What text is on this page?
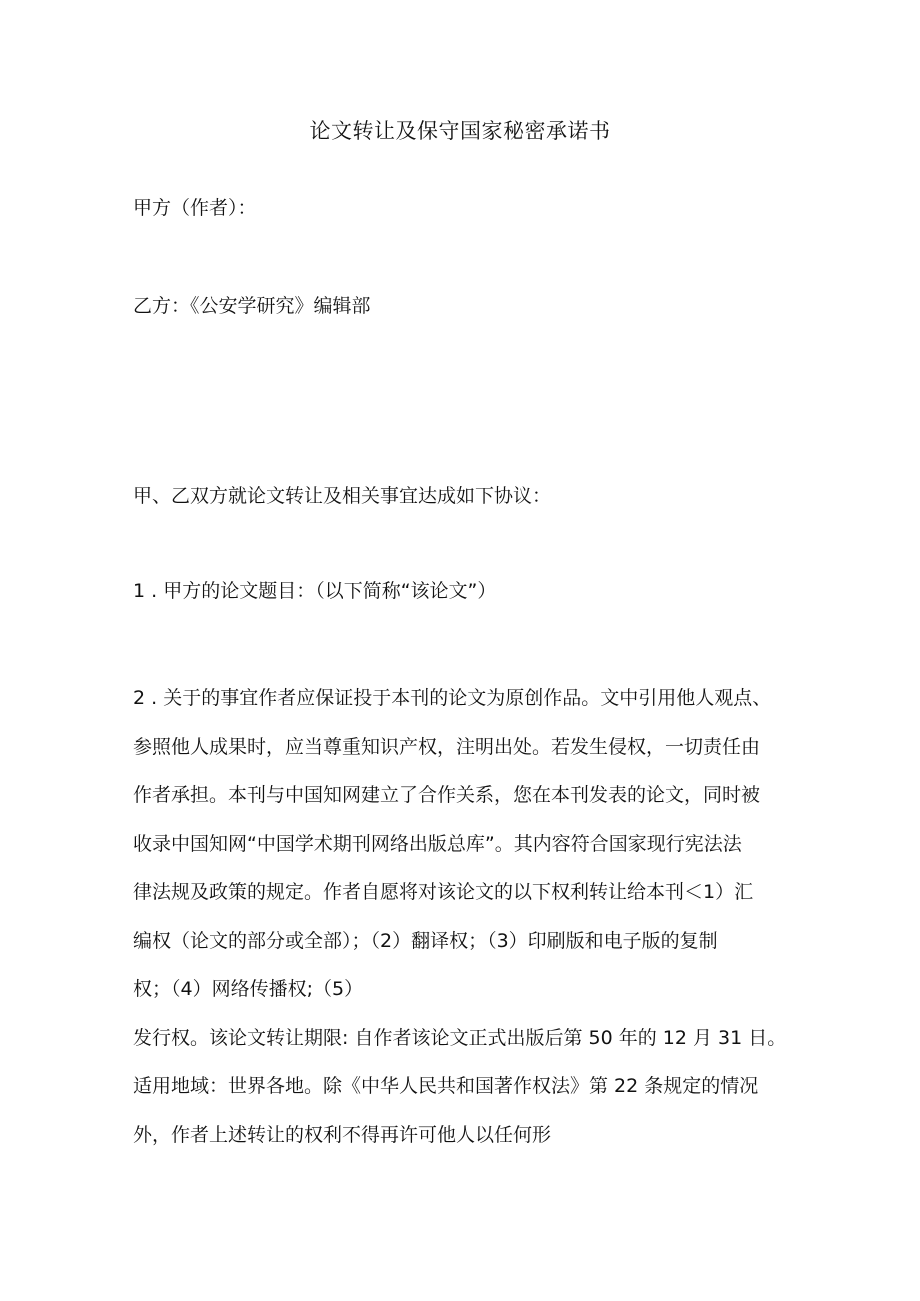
论文转让及保守国家秘密承诺书
甲方（作者）：
乙方：《公安学研究》编辑部
甲、乙双方就论文转让及相关事宜达成如下协议：
1 . 甲方的论文题目：（以下简称“该论文”）
2 . 关于的事宜作者应保证投于本刊的论文为原创作品。文中引用他人观点、
参照他人成果时，应当尊重知识产权，注明出处。若发生侵权，一切责任由
作者承担。本刊与中国知网建立了合作关系，您在本刊发表的论文，同时被
收录中国知网“中国学术期刊网络出版总库”。其内容符合国家现行宪法法
律法规及政策的规定。作者自愿将对该论文的以下权利转让给本刊＜1）汇
编权（论文的部分或全部）；（2）翻译权；（3）印刷版和电子版的复制
权；（4）网络传播权;（5）
发行权。该论文转让期限: 自作者该论文正式出版后第 50 年的 12 月 31 日。
适用地域：世界各地。除《中华人民共和国著作权法》第 22 条规定的情况
外，作者上述转让的权利不得再许可他人以任何形
